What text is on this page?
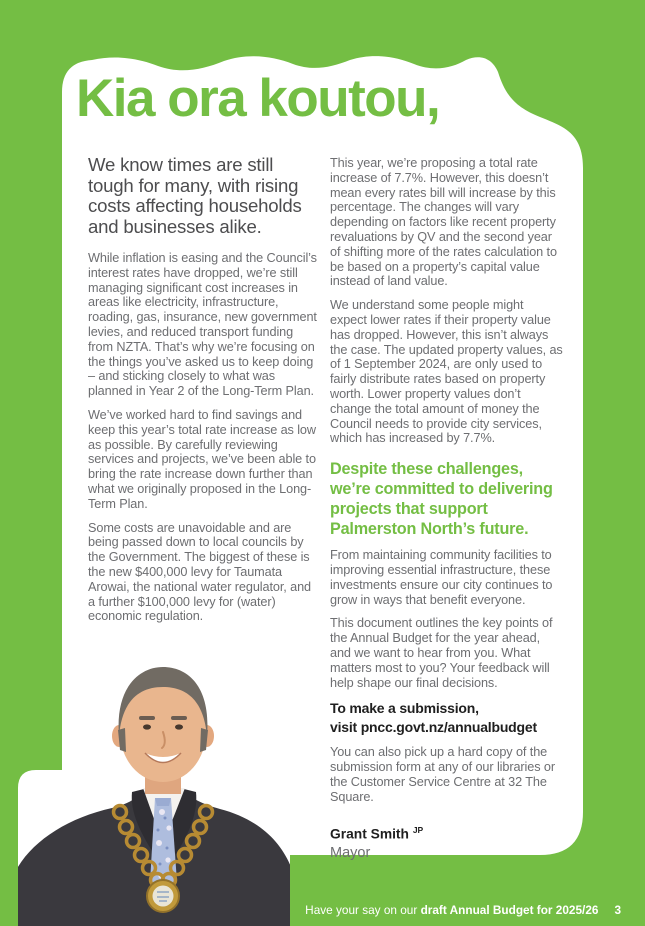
Kia ora koutou,

We know times are still tough for many, with rising costs affecting households and businesses alike.

While inflation is easing and the Council’s interest rates have dropped, we’re still managing significant cost increases in areas like electricity, infrastructure, roading, gas, insurance, new government levies, and reduced transport funding from NZTA. That’s why we’re focusing on the things you’ve asked us to keep doing – and sticking closely to what was planned in Year 2 of the Long-Term Plan.

We’ve worked hard to find savings and keep this year’s total rate increase as low as possible. By carefully reviewing services and projects, we’ve been able to bring the rate increase down further than what we originally proposed in the Long-Term Plan.

Some costs are unavoidable and are being passed down to local councils by the Government. The biggest of these is the new $400,000 levy for Taumata Arowai, the national water regulator, and a further $100,000 levy for (water) economic regulation.

This year, we’re proposing a total rate increase of 7.7%. However, this doesn’t mean every rates bill will increase by this percentage. The changes will vary depending on factors like recent property revaluations by QV and the second year of shifting more of the rates calculation to be based on a property’s capital value instead of land value.

We understand some people might expect lower rates if their property value has dropped. However, this isn’t always the case. The updated property values, as of 1 September 2024, are only used to fairly distribute rates based on property worth. Lower property values don’t change the total amount of money the Council needs to provide city services, which has increased by 7.7%.

Despite these challenges, we’re committed to delivering projects that support Palmerston North’s future.

From maintaining community facilities to improving essential infrastructure, these investments ensure our city continues to grow in ways that benefit everyone.

This document outlines the key points of the Annual Budget for the year ahead, and we want to hear from you. What matters most to you? Your feedback will help shape our final decisions.

To make a submission,
visit pncc.govt.nz/annualbudget

You can also pick up a hard copy of the submission form at any of our libraries or the Customer Service Centre at 32 The Square.

Grant Smith $^{JP}$

Mayor

Have your say on our draft Annual Budget for 2025/26 3
